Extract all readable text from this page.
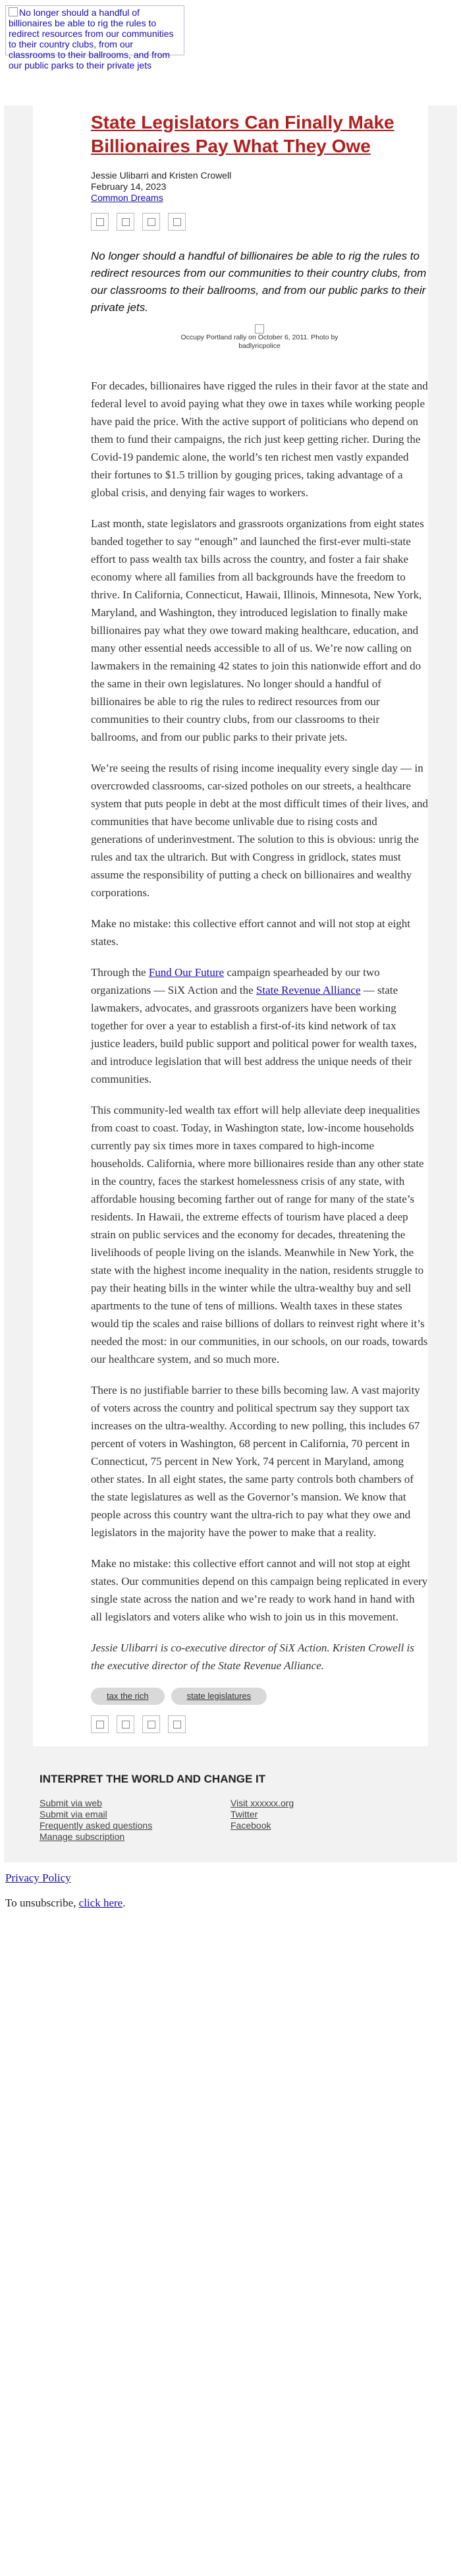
No longer should a handful of billionaires be able to rig the rules to redirect resources from our communities to their country clubs, from our classrooms to their ballrooms, and from our public parks to their private jets
State Legislators Can Finally Make Billionaires Pay What They Owe
Jessie Ulibarri and Kristen Crowell
February 14, 2023
Common Dreams
No longer should a handful of billionaires be able to rig the rules to redirect resources from our communities to their country clubs, from our classrooms to their ballrooms, and from our public parks to their private jets.
Occupy Portland rally on October 6, 2011. Photo by badlyricpolice

For decades, billionaires have rigged the rules in their favor at the state and federal level to avoid paying what they owe in taxes while working people have paid the price. With the active support of politicians who depend on them to fund their campaigns, the rich just keep getting richer. During the Covid-19 pandemic alone, the world’s ten richest men vastly expanded their fortunes to $1.5 trillion by gouging prices, taking advantage of a global crisis, and denying fair wages to workers.

Last month, state legislators and grassroots organizations from eight states banded together to say “enough” and launched the first-ever multi-state effort to pass wealth tax bills across the country, and foster a fair shake economy where all families from all backgrounds have the freedom to thrive. In California, Connecticut, Hawaii, Illinois, Minnesota, New York, Maryland, and Washington, they introduced legislation to finally make billionaires pay what they owe toward making healthcare, education, and many other essential needs accessible to all of us. We’re now calling on lawmakers in the remaining 42 states to join this nationwide effort and do the same in their own legislatures. No longer should a handful of billionaires be able to rig the rules to redirect resources from our communities to their country clubs, from our classrooms to their ballrooms, and from our public parks to their private jets.

We’re seeing the results of rising income inequality every single day — in overcrowded classrooms, car-sized potholes on our streets, a healthcare system that puts people in debt at the most difficult times of their lives, and communities that have become unlivable due to rising costs and generations of underinvestment. The solution to this is obvious: unrig the rules and tax the ultrarich. But with Congress in gridlock, states must assume the responsibility of putting a check on billionaires and wealthy corporations.

Make no mistake: this collective effort cannot and will not stop at eight states.

Through the Fund Our Future campaign spearheaded by our two organizations — SiX Action and the State Revenue Alliance — state lawmakers, advocates, and grassroots organizers have been working together for over a year to establish a first-of-its kind network of tax justice leaders, build public support and political power for wealth taxes, and introduce legislation that will best address the unique needs of their communities.

This community-led wealth tax effort will help alleviate deep inequalities from coast to coast. Today, in Washington state, low-income households currently pay six times more in taxes compared to high-income households. California, where more billionaires reside than any other state in the country, faces the starkest homelessness crisis of any state, with affordable housing becoming farther out of range for many of the state’s residents. In Hawaii, the extreme effects of tourism have placed a deep strain on public services and the economy for decades, threatening the livelihoods of people living on the islands. Meanwhile in New York, the state with the highest income inequality in the nation, residents struggle to pay their heating bills in the winter while the ultra-wealthy buy and sell apartments to the tune of tens of millions. Wealth taxes in these states would tip the scales and raise billions of dollars to reinvest right where it’s needed the most: in our communities, in our schools, on our roads, towards our healthcare system, and so much more.

There is no justifiable barrier to these bills becoming law. A vast majority of voters across the country and political spectrum say they support tax increases on the ultra-wealthy. According to new polling, this includes 67 percent of voters in Washington, 68 percent in California, 70 percent in Connecticut, 75 percent in New York, 74 percent in Maryland, among other states. In all eight states, the same party controls both chambers of the state legislatures as well as the Governor’s mansion. We know that people across this country want the ultra-rich to pay what they owe and legislators in the majority have the power to make that a reality.

Make no mistake: this collective effort cannot and will not stop at eight states. Our communities depend on this campaign being replicated in every single state across the nation and we’re ready to work hand in hand with all legislators and voters alike who wish to join us in this movement.

Jessie Ulibarri is co-executive director of SiX Action. Kristen Crowell is the executive director of the State Revenue Alliance.

tax the rich	state legislatures
INTERPRET THE WORLD AND CHANGE IT
Submit via web
Submit via email
Frequently asked questions
Manage subscription
Visit xxxxxx.org
Twitter
Facebook

Privacy Policy

To unsubscribe, click here.
